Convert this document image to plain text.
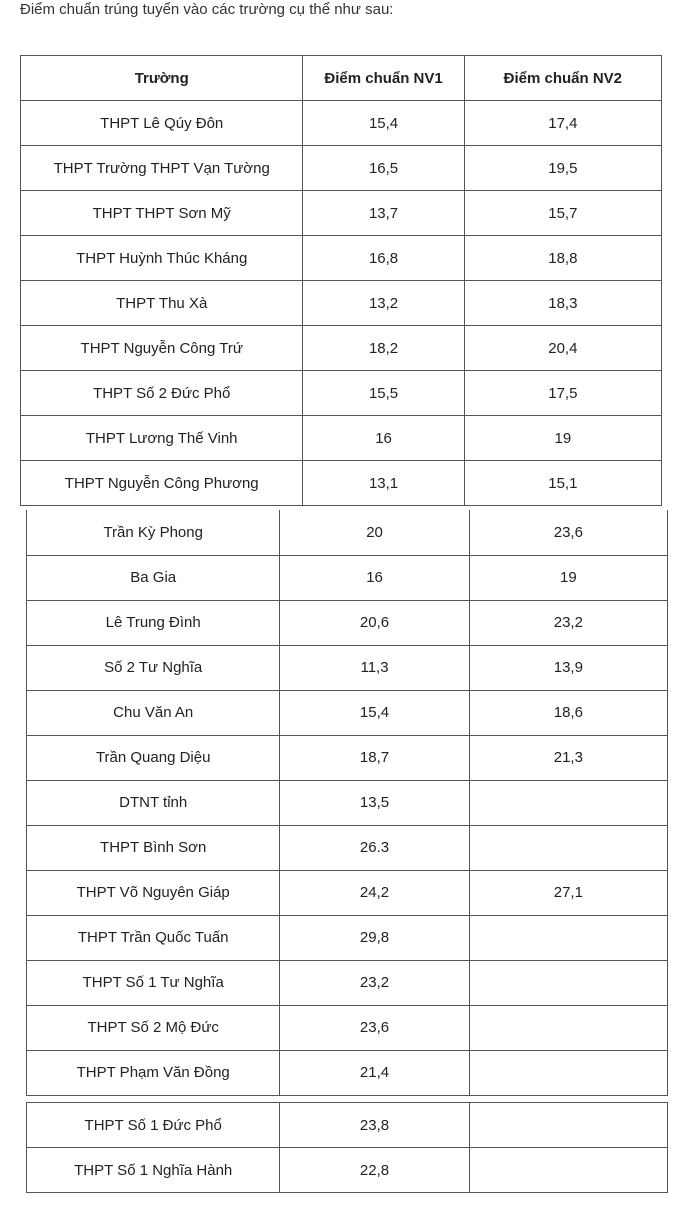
Điểm chuẩn trúng tuyển vào các trường cụ thể như sau:
Trường	Điểm chuẩn NV1	Điểm chuẩn NV2
THPT Lê Qúy Đôn	15,4	17,4
THPT Trường THPT Vạn Tường	16,5	19,5
THPT THPT Sơn Mỹ	13,7	15,7
THPT Huỳnh Thúc Kháng	16,8	18,8
THPT Thu Xà	13,2	18,3
THPT Nguyễn Công Trứ	18,2	20,4
THPT Số 2 Đức Phổ	15,5	17,5
THPT Lương Thế Vinh	16	19
THPT Nguyễn Công Phương	13,1	15,1
Trần Kỳ Phong	20	23,6
Ba Gia	16	19
Lê Trung Đình	20,6	23,2
Số 2 Tư Nghĩa	11,3	13,9
Chu Văn An	15,4	18,6
Trần Quang Diệu	18,7	21,3
DTNT tỉnh	13,5	
THPT Bình Sơn	26.3	
THPT Võ Nguyên Giáp	24,2	27,1
THPT Trần Quốc Tuấn	29,8	
THPT Số 1 Tư Nghĩa	23,2	
THPT Số 2 Mộ Đức	23,6	
THPT Phạm Văn Đồng	21,4	
THPT Số 1 Đức Phổ	23,8	
THPT Số 1 Nghĩa Hành	22,8	
